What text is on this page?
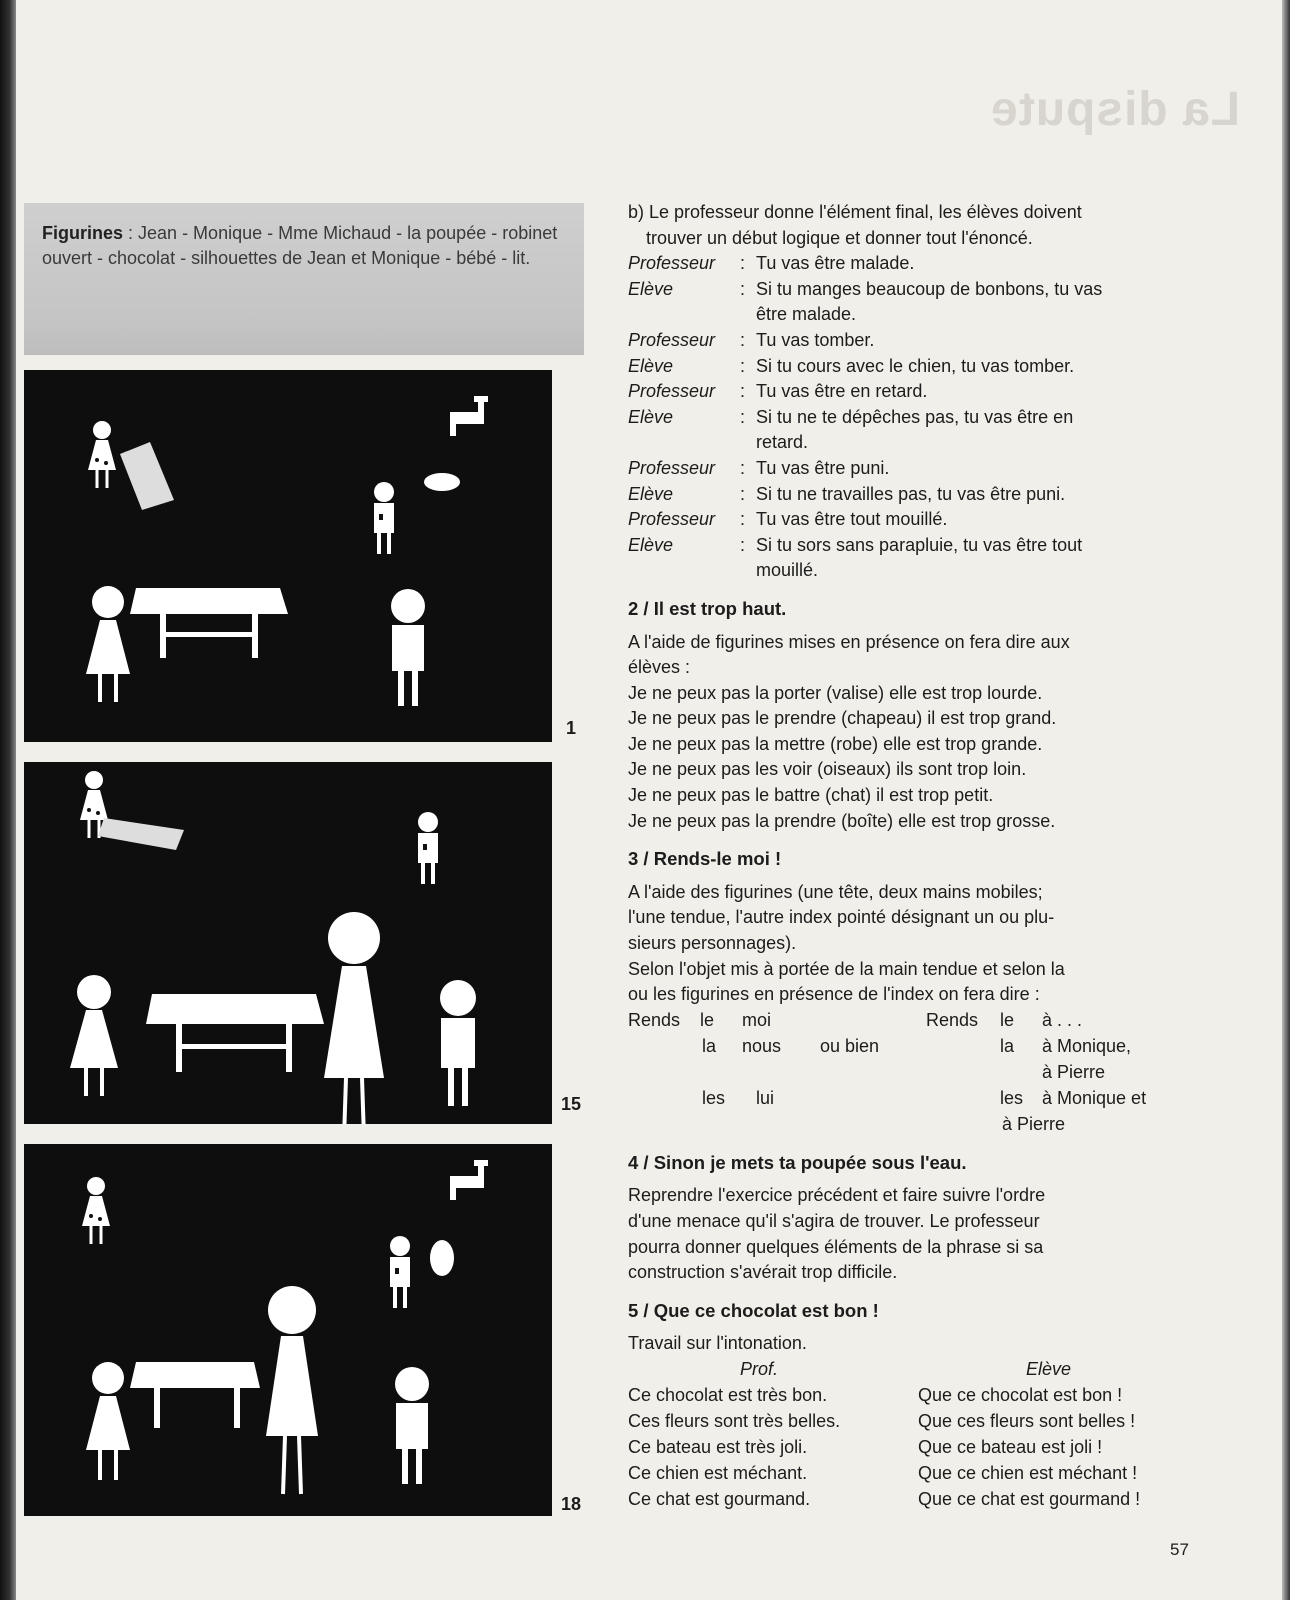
La dispute
Figurines : Jean - Monique - Mme Michaud - la poupée - robinet ouvert - chocolat - silhouettes de Jean et Monique - bébé - lit.
1
15
18
b) Le professeur donne l'élément final, les élèves doivent
trouver un début logique et donner tout l'énoncé.
Professeur : Tu vas être malade.
Elève	: Si tu manges beaucoup de bonbons, tu vas
être malade.
Professeur : Tu vas tomber.
Elève	: Si tu cours avec le chien, tu vas tomber.
Professeur : Tu vas être en retard.
Elève	: Si tu ne te dépêches pas, tu vas être en
retard.
Professeur : Tu vas être puni.
Elève	: Si tu ne travailles pas, tu vas être puni.
Professeur : Tu vas être tout mouillé.
Elève	: Si tu sors sans parapluie, tu vas être tout
mouillé.
2 / Il est trop haut.
A l'aide de figurines mises en présence on fera dire aux
élèves :
Je ne peux pas la porter (valise) elle est trop lourde.
Je ne peux pas le prendre (chapeau) il est trop grand.
Je ne peux pas la mettre (robe) elle est trop grande.
Je ne peux pas les voir (oiseaux) ils sont trop loin.
Je ne peux pas le battre (chat) il est trop petit.
Je ne peux pas la prendre (boîte) elle est trop grosse.
3 / Rends-le moi !
A l'aide des figurines (une tête, deux mains mobiles;
l'une tendue, l'autre index pointé désignant un ou plu-
sieurs personnages).
Selon l'objet mis à portée de la main tendue et selon la
ou les figurines en présence de l'index on fera dire :
Rends le moi	Rends le à . . .
la nous ou bien	la à Monique,
à Pierre
les lui	les à Monique et
à Pierre
4 / Sinon je mets ta poupée sous l'eau.
Reprendre l'exercice précédent et faire suivre l'ordre
d'une menace qu'il s'agira de trouver. Le professeur
pourra donner quelques éléments de la phrase si sa
construction s'avérait trop difficile.
5 / Que ce chocolat est bon !
Travail sur l'intonation.
Prof.	Elève
Ce chocolat est très bon.	Que ce chocolat est bon !
Ces fleurs sont très belles.	Que ces fleurs sont belles !
Ce bateau est très joli.	Que ce bateau est joli !
Ce chien est méchant.	Que ce chien est méchant !
Ce chat est gourmand.	Que ce chat est gourmand !
57
